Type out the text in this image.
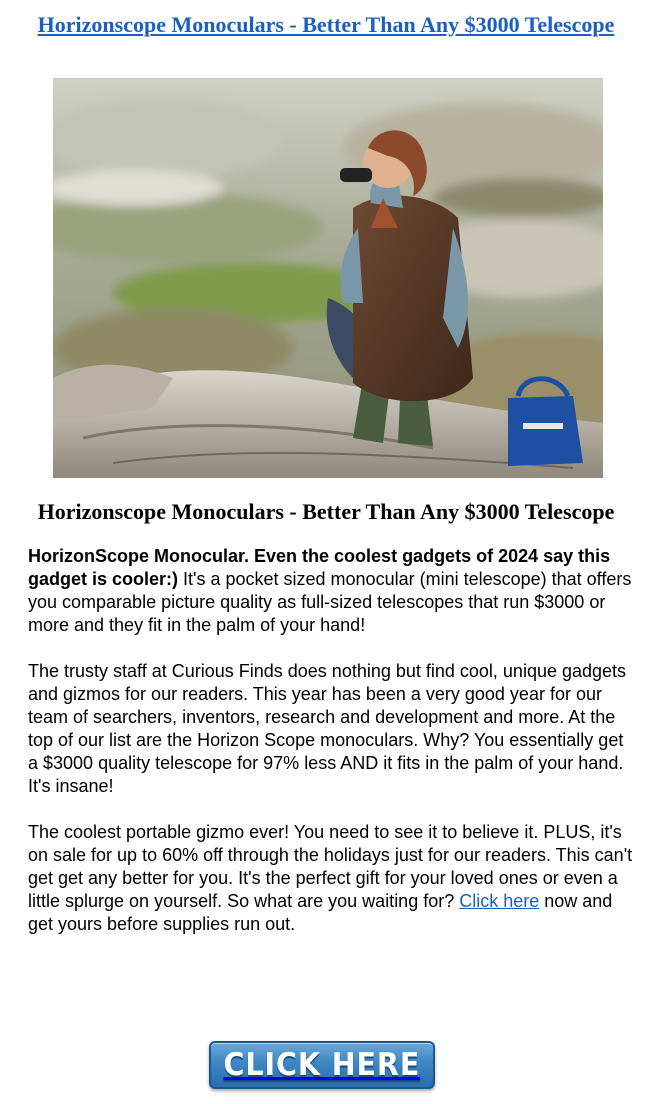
Horizonscope Monoculars - Better Than Any $3000 Telescope
Horizonscope Monoculars - Better Than Any $3000 Telescope

HorizonScope Monocular. Even the coolest gadgets of 2024 say this gadget is cooler:) It's a pocket sized monocular (mini telescope) that offers you comparable picture quality as full-sized telescopes that run $3000 or more and they fit in the palm of your hand!

The trusty staff at Curious Finds does nothing but find cool, unique gadgets and gizmos for our readers. This year has been a very good year for our team of searchers, inventors, research and development and more. At the top of our list are the Horizon Scope monoculars. Why? You essentially get a $3000 quality telescope for 97% less AND it fits in the palm of your hand. It's insane!

The coolest portable gizmo ever! You need to see it to believe it. PLUS, it's on sale for up to 60% off through the holidays just for our readers. This can't get get any better for you. It's the perfect gift for your loved ones or even a little splurge on yourself. So what are you waiting for? Click here now and get yours before supplies run out.

CLICK HERE
